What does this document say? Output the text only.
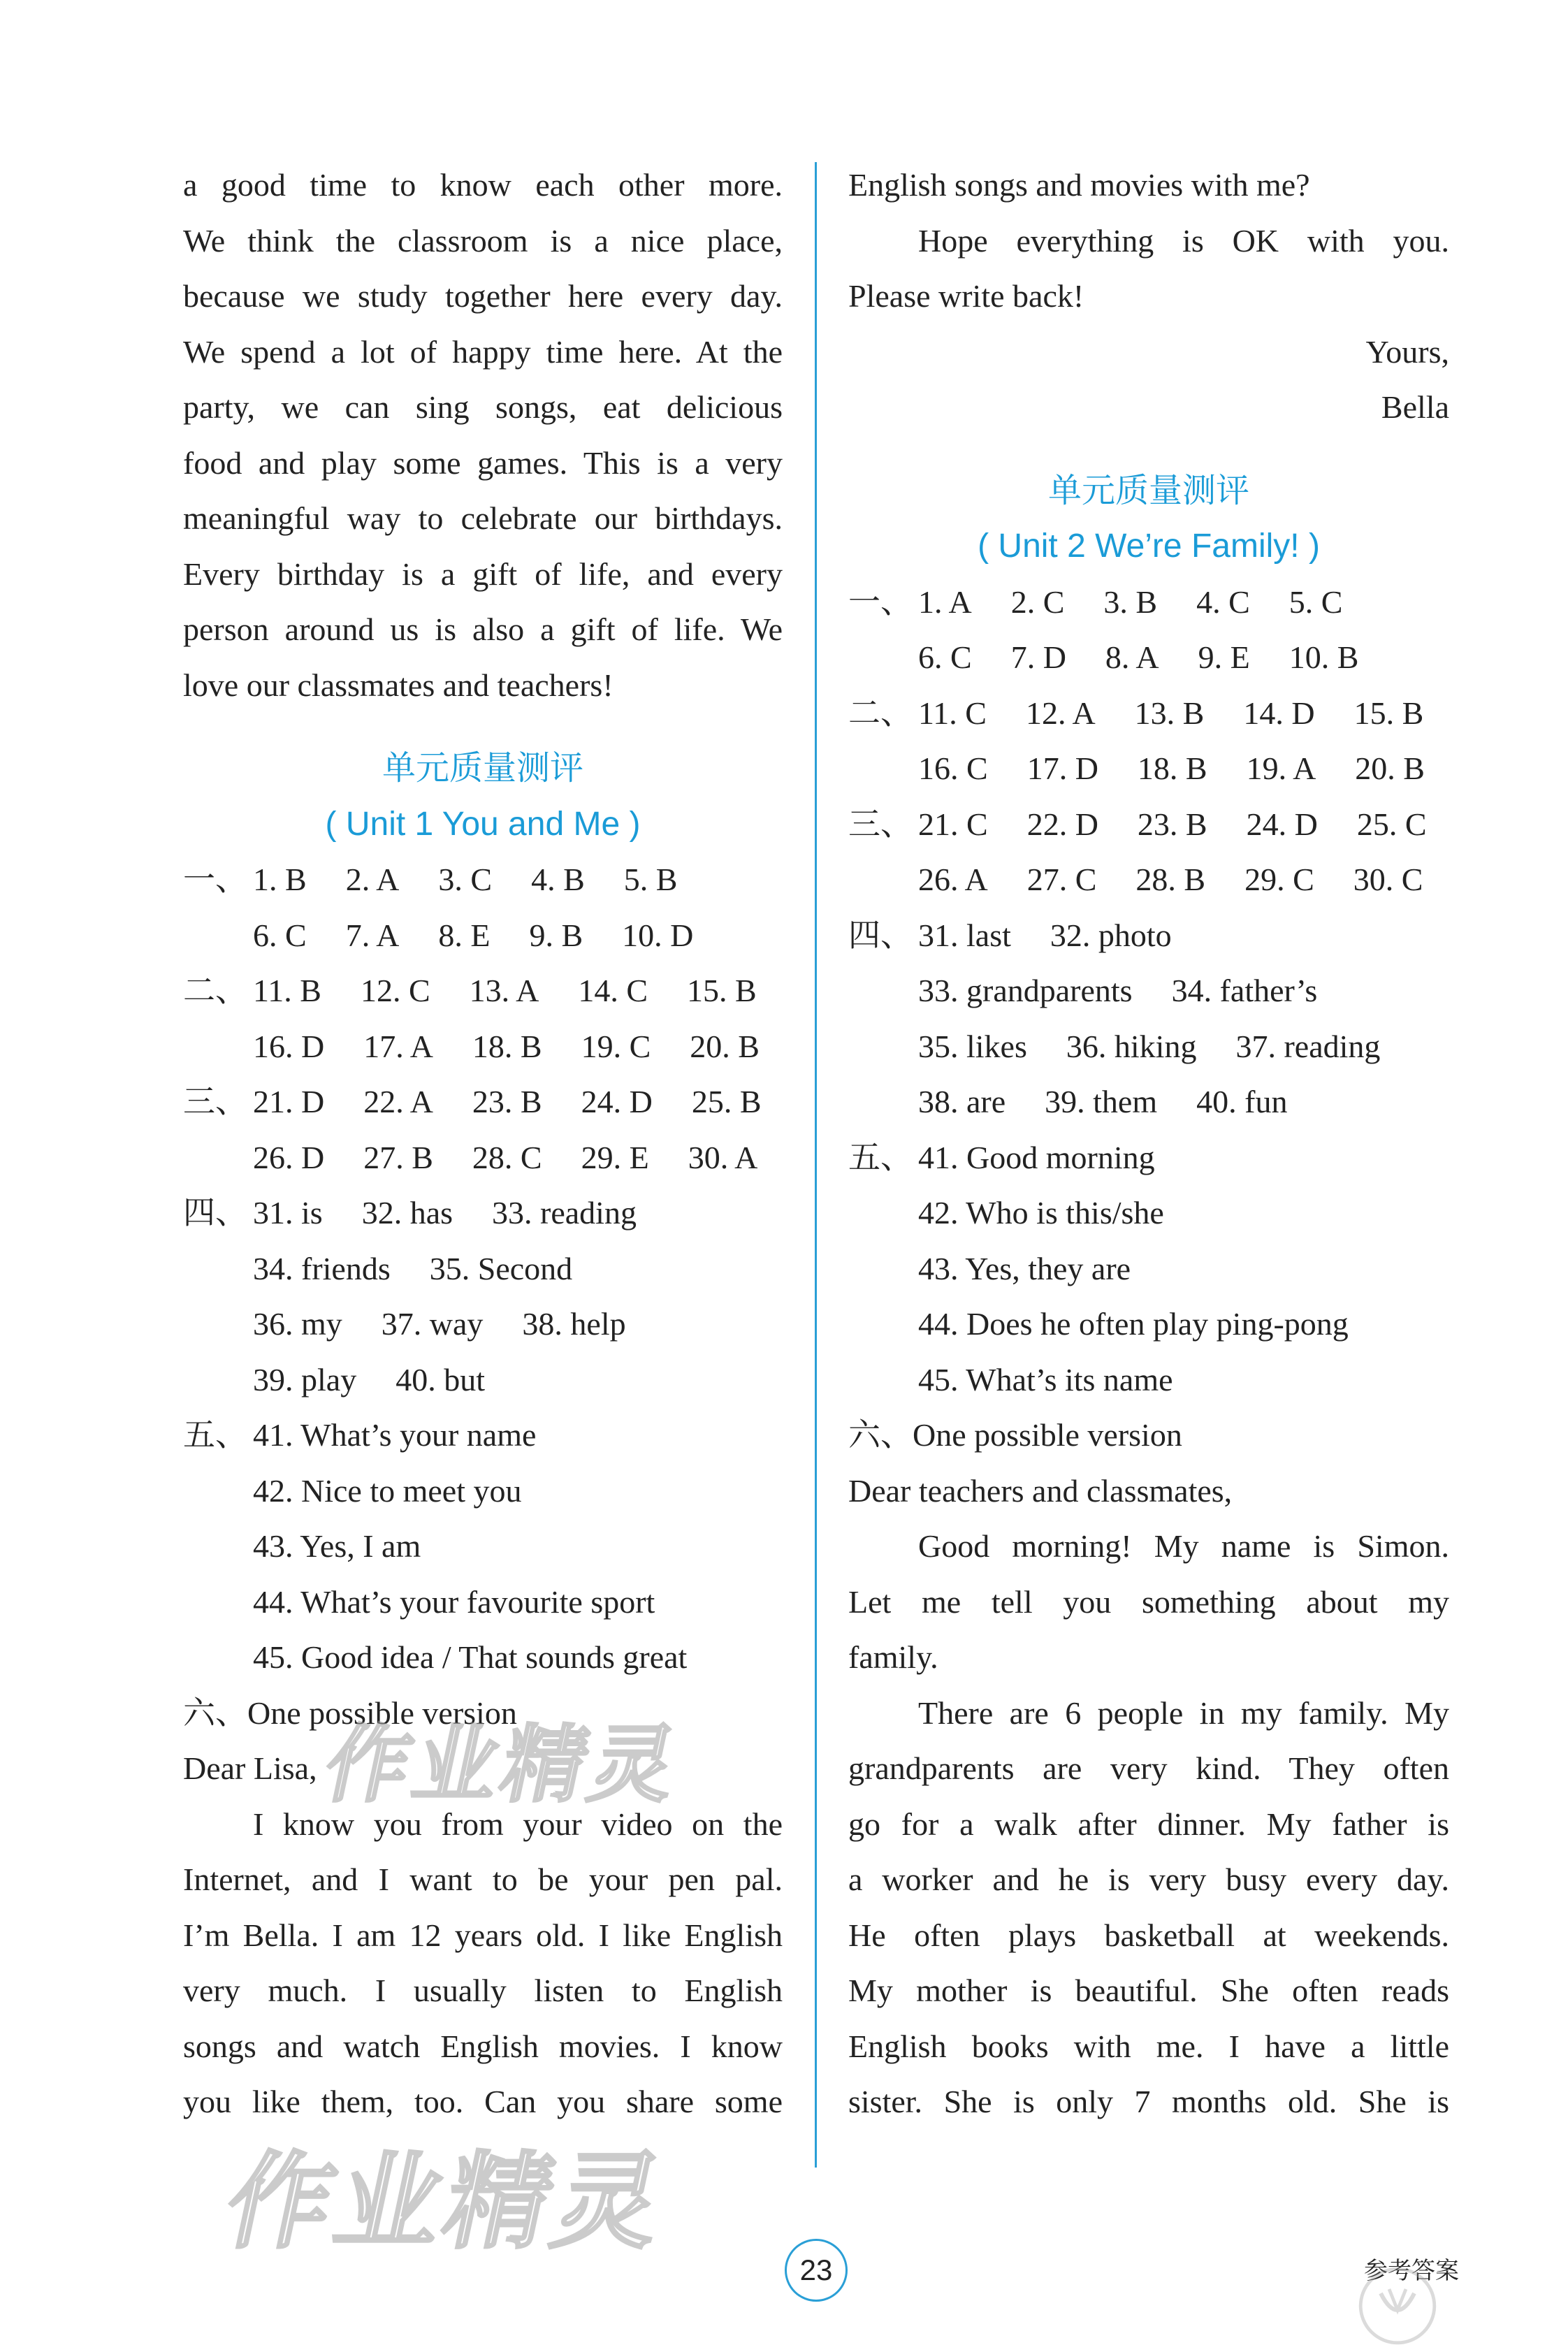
a good time to know each other more.
We think the classroom is a nice place,
because we study together here every day.
We spend a lot of happy time here. At the
party, we can sing songs, eat delicious
food and play some games. This is a very
meaningful way to celebrate our birthdays.
Every birthday is a gift of life, and every
person around us is also a gift of life. We
love our classmates and teachers!
单元质量测评
( Unit 1 You and Me )
一、 1. B 2. A 3. C 4. B 5. B
6. C 7. A 8. E 9. B 10. D
二、 11. B 12. C 13. A 14. C 15. B
16. D 17. A 18. B 19. C 20. B
三、 21. D 22. A 23. B 24. D 25. B
26. D 27. B 28. C 29. E 30. A
四、 31. is 32. has 33. reading
34. friends 35. Second
36. my 37. way 38. help
39. play 40. but
五、 41. What’s your name
42. Nice to meet you
43. Yes, I am
44. What’s your favourite sport
45. Good idea / That sounds great
六、One possible version
Dear Lisa,
I know you from your video on the
Internet, and I want to be your pen pal.
I’m Bella. I am 12 years old. I like English
very much. I usually listen to English
songs and watch English movies. I know
you like them, too. Can you share some
English songs and movies with me?
Hope everything is OK with you.
Please write back!
Yours,
Bella
单元质量测评
( Unit 2 We’re Family! )
一、 1. A 2. C 3. B 4. C 5. C
6. C 7. D 8. A 9. E 10. B
二、 11. C 12. A 13. B 14. D 15. B
16. C 17. D 18. B 19. A 20. B
三、 21. C 22. D 23. B 24. D 25. C
26. A 27. C 28. B 29. C 30. C
四、 31. last 32. photo
33. grandparents 34. father’s
35. likes 36. hiking 37. reading
38. are 39. them 40. fun
五、 41. Good morning
42. Who is this/she
43. Yes, they are
44. Does he often play ping-pong
45. What’s its name
六、One possible version
Dear teachers and classmates,
Good morning! My name is Simon.
Let me tell you something about my
family.
There are 6 people in my family. My
grandparents are very kind. They often
go for a walk after dinner. My father is
a worker and he is very busy every day.
He often plays basketball at weekends.
My mother is beautiful. She often reads
English books with me. I have a little
sister. She is only 7 months old. She is
23	参考答案
作业精灵
作业精灵
